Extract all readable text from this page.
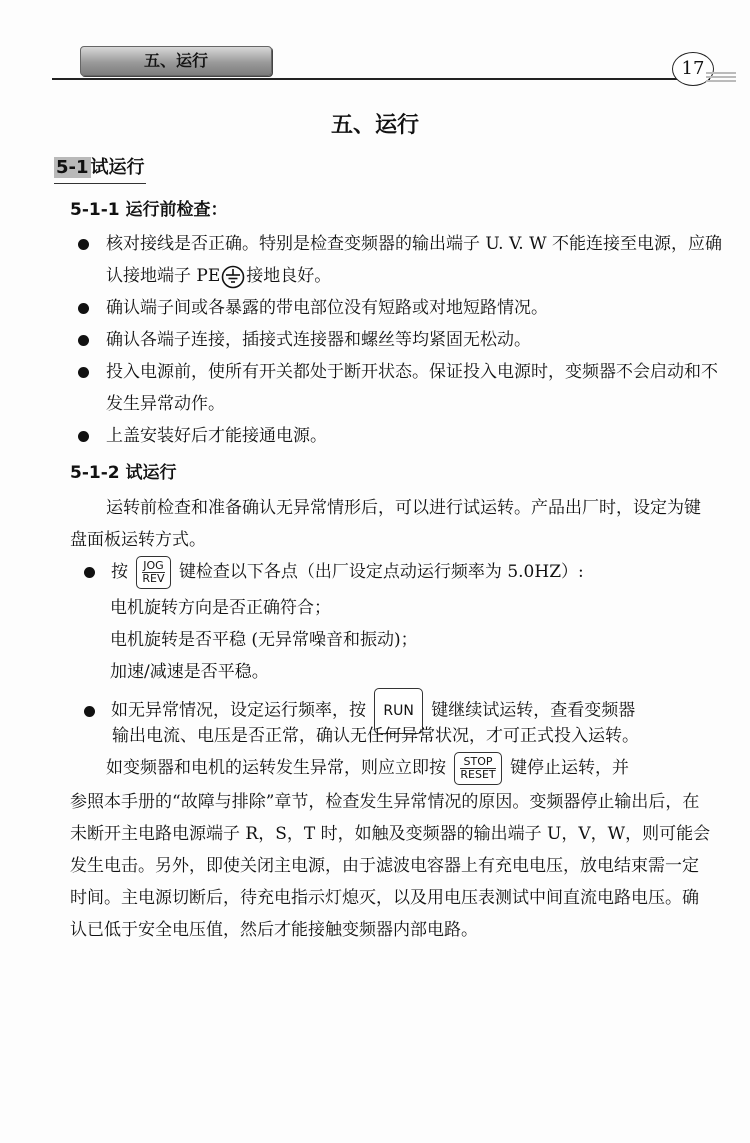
五、运行	17
五、运行
5-1 试运行
5-1-1 运行前检查：
核对接线是否正确。特别是检查变频器的输出端子 U. V. W 不能连接至电源，应确认接地端子 PE 接地良好。
确认端子间或各暴露的带电部位没有短路或对地短路情况。
确认各端子连接，插接式连接器和螺丝等均紧固无松动。
投入电源前，使所有开关都处于断开状态。保证投入电源时，变频器不会启动和不发生异常动作。
上盖安装好后才能接通电源。
5-1-2 试运行

运转前检查和准备确认无异常情形后，可以进行试运转。产品出厂时，设定为键盘面板运转方式。

按 JOG
REV 键检查以下各点（出厂设定点动运行频率为 5.0HZ）:
电机旋转方向是否正确符合；
电机旋转是否平稳 (无异常噪音和振动)；
加速/减速是否平稳。
如无异常情况，设定运行频率，按 RUN 键继续试运转，查看变频器
输出电流、电压是否正常，确认无任何异常状况，才可正式投入运转。
如变频器和电机的运转发生异常，则应立即按 STOP
RESET 键停止运转，并

参照本手册的“故障与排除”章节，检查发生异常情况的原因。变频器停止输出后，在未断开主电路电源端子 R，S，T 时，如触及变频器的输出端子 U，V，W，则可能会发生电击。另外，即使关闭主电源，由于滤波电容器上有充电电压，放电结束需一定时间。主电源切断后，待充电指示灯熄灭，以及用电压表测试中间直流电路电压。确认已低于安全电压值，然后才能接触变频器内部电路。
